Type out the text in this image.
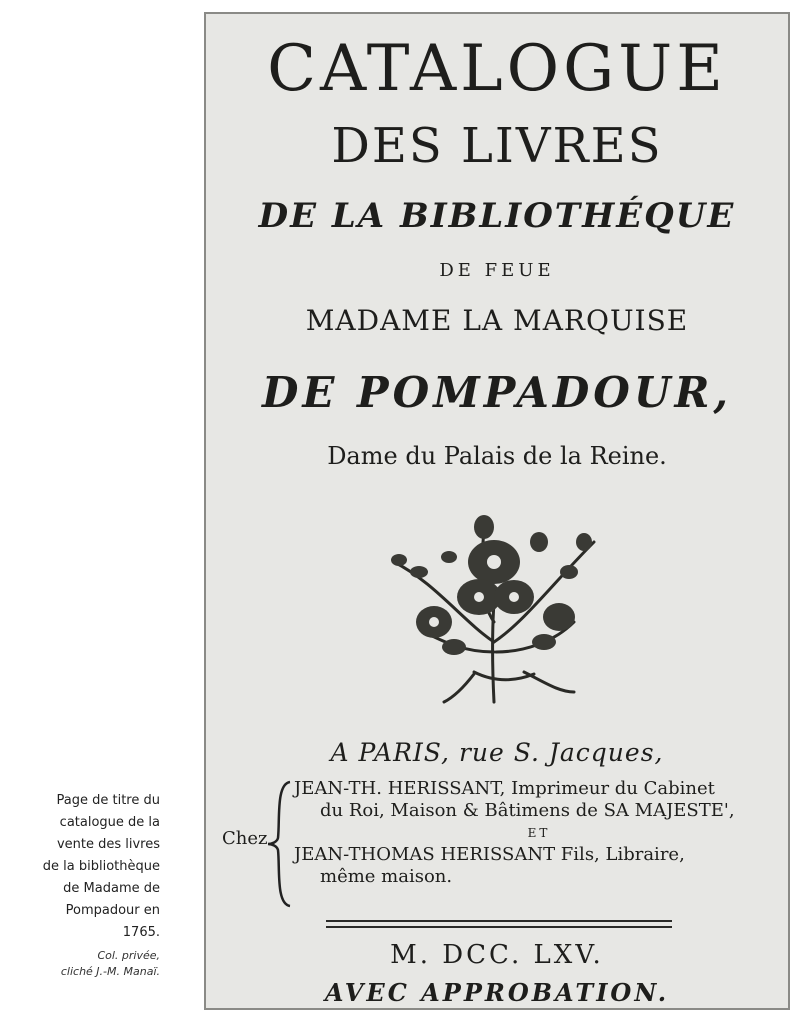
Page de titre du
catalogue de la
vente des livres
de la bibliothèque
de Madame de
Pompadour en
1765.
Col. privée,
cliché J.-M. Manaï.
CATALOGUE
DES LIVRES
DE LA BIBLIOTHÉQUE
DE FEUE
MADAME LA MARQUISE
DE POMPADOUR,
Dame du Palais de la Reine.
A PARIS, rue S. Jacques,
Chez
JEAN-TH. HERISSANT, Imprimeur du Cabinet
du Roi, Maison & Bâtimens de SA MAJESTE',
ET
JEAN-THOMAS HERISSANT Fils, Libraire,
même maison.
M. DCC. LXV.
AVEC APPROBATION.
